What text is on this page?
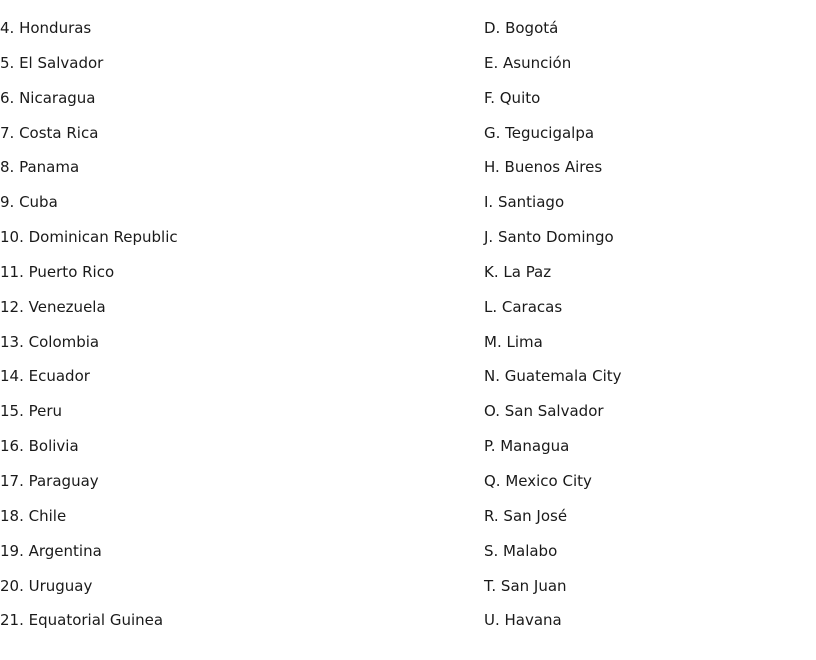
4. Honduras
5. El Salvador
6. Nicaragua
7. Costa Rica
8. Panama
9. Cuba
10. Dominican Republic
11. Puerto Rico
12. Venezuela
13. Colombia
14. Ecuador
15. Peru
16. Bolivia
17. Paraguay
18. Chile
19. Argentina
20. Uruguay
21. Equatorial Guinea
D. Bogotá
E. Asunción
F. Quito
G. Tegucigalpa
H. Buenos Aires
I. Santiago
J. Santo Domingo
K. La Paz
L. Caracas
M. Lima
N. Guatemala City
O. San Salvador
P. Managua
Q. Mexico City
R. San José
S. Malabo
T. San Juan
U. Havana
